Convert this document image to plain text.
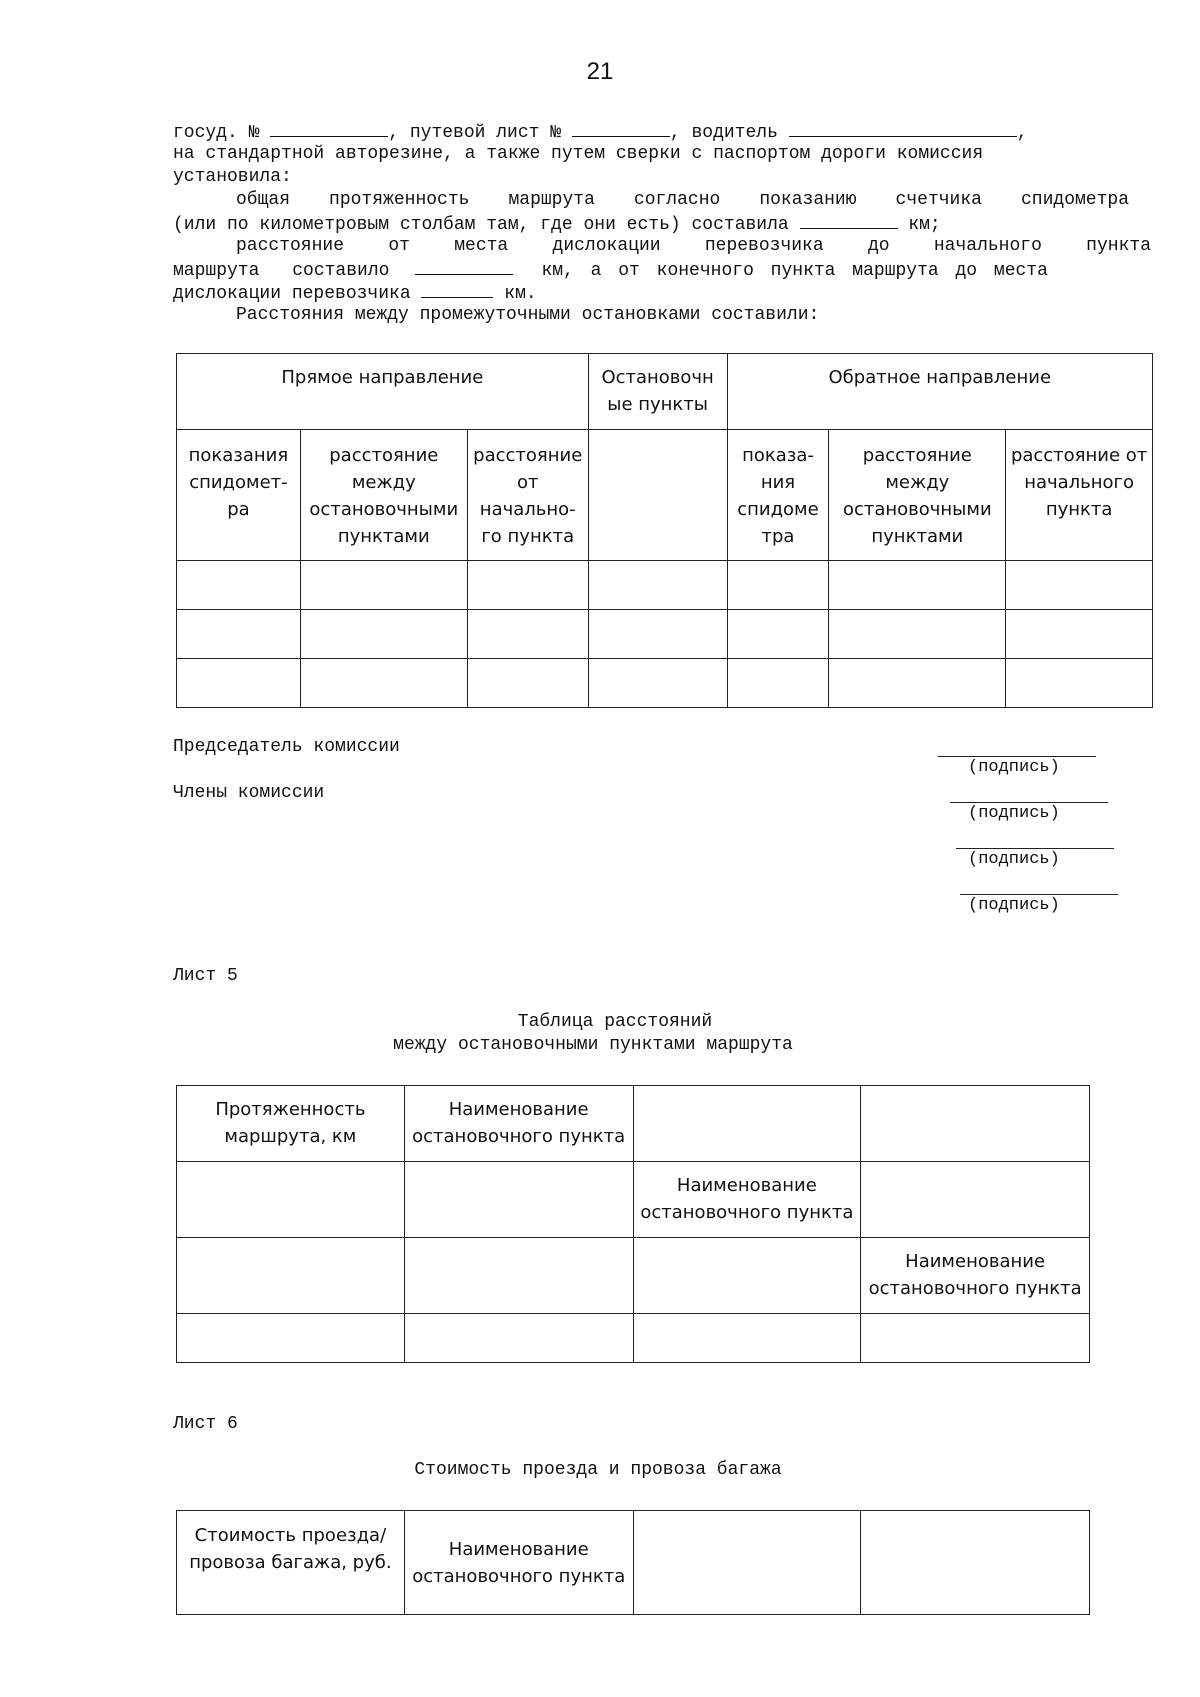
21
госуд. №	, путевой лист №	, водитель	,
на стандартной авторезине, а также путем сверки с паспортом дороги комиссия
установила:
общая протяженность маршрута согласно показанию счетчика спидометра
(или по километровым столбам там, где они есть) составила	км;
расстояние от места дислокации перевозчика до начального пункта
маршрута составило	км, а от конечного пункта маршрута до места
дислокации перевозчика	км.
Расстояния между промежуточными остановками составили:
Прямое направление			Остановочн ые пункты	Обратное направление		
показания спидомет- ра	расстояние между остановочными пунктами	расстояние от начально- го пункта		показа- ния спидоме тра	расстояние между остановочными пунктами	расстояние от начального пункта

Председатель комиссии
Члены комиссии
(подпись)
(подпись)
(подпись)
(подпись)
Лист 5
Таблица расстояний
между остановочными пунктами маршрута
Протяженность маршрута, км	Наименование остановочного пункта		
		Наименование остановочного пункта	
			Наименование остановочного пункта

Лист 6
Стоимость проезда и провоза багажа
Стоимость проезда/провоза багажа, руб.	Наименование остановочного пункта		
